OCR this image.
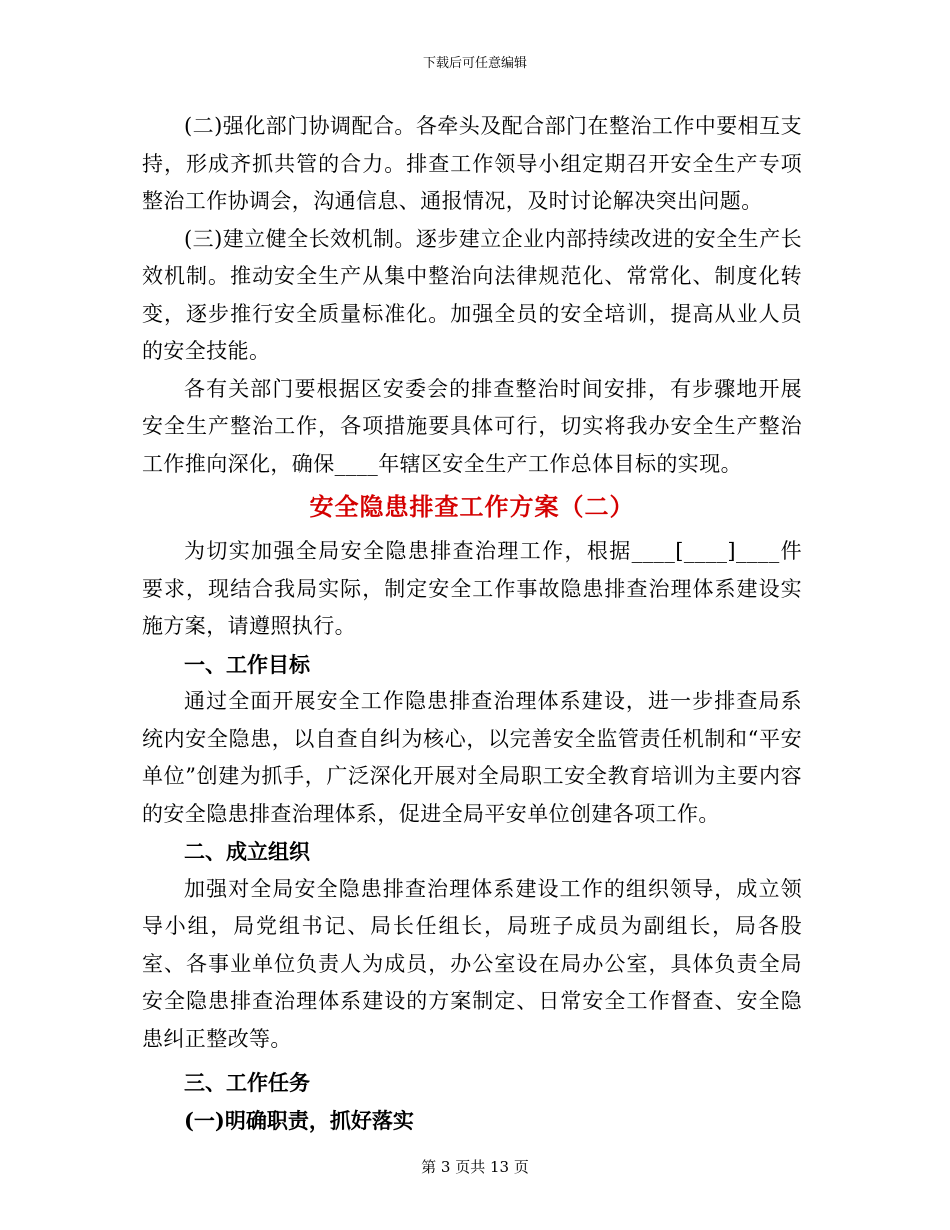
下载后可任意编辑

(二)强化部门协调配合。各牵头及配合部门在整治工作中要相互支持，形成齐抓共管的合力。排查工作领导小组定期召开安全生产专项整治工作协调会，沟通信息、通报情况，及时讨论解决突出问题。

(三)建立健全长效机制。逐步建立企业内部持续改进的安全生产长效机制。推动安全生产从集中整治向法律规范化、常常化、制度化转变，逐步推行安全质量标准化。加强全员的安全培训，提高从业人员的安全技能。

各有关部门要根据区安委会的排查整治时间安排，有步骤地开展安全生产整治工作，各项措施要具体可行，切实将我办安全生产整治工作推向深化，确保____年辖区安全生产工作总体目标的实现。

安全隐患排查工作方案（二）

为切实加强全局安全隐患排查治理工作，根据____[____]____件要求，现结合我局实际，制定安全工作事故隐患排查治理体系建设实施方案，请遵照执行。

一、工作目标

通过全面开展安全工作隐患排查治理体系建设，进一步排查局系统内安全隐患，以自查自纠为核心，以完善安全监管责任机制和“平安单位”创建为抓手，广泛深化开展对全局职工安全教育培训为主要内容的安全隐患排查治理体系，促进全局平安单位创建各项工作。

二、成立组织

加强对全局安全隐患排查治理体系建设工作的组织领导，成立领导小组，局党组书记、局长任组长，局班子成员为副组长，局各股室、各事业单位负责人为成员，办公室设在局办公室，具体负责全局安全隐患排查治理体系建设的方案制定、日常安全工作督查、安全隐患纠正整改等。

三、工作任务

(一)明确职责，抓好落实

第 3 页共 13 页
